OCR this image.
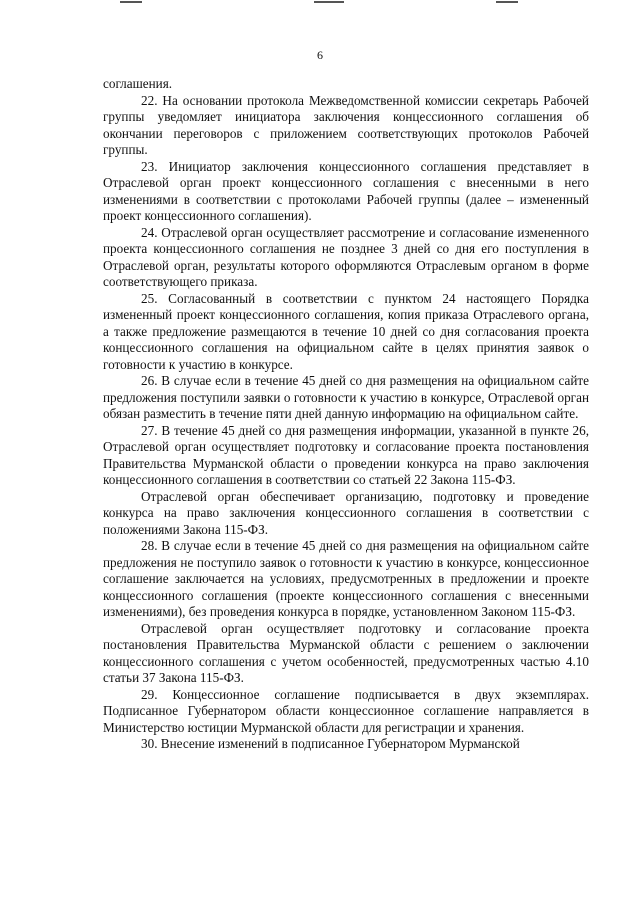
6

соглашения.

22. На основании протокола Межведомственной комиссии секретарь Рабочей группы уведомляет инициатора заключения концессионного соглашения об окончании переговоров с приложением соответствующих протоколов Рабочей группы.

23. Инициатор заключения концессионного соглашения представляет в Отраслевой орган проект концессионного соглашения с внесенными в него изменениями в соответствии с протоколами Рабочей группы (далее – измененный проект концессионного соглашения).

24. Отраслевой орган осуществляет рассмотрение и согласование измененного проекта концессионного соглашения не позднее 3 дней со дня его поступления в Отраслевой орган, результаты которого оформляются Отраслевым органом в форме соответствующего приказа.

25. Согласованный в соответствии с пунктом 24 настоящего Порядка измененный проект концессионного соглашения, копия приказа Отраслевого органа, а также предложение размещаются в течение 10 дней со дня согласования проекта концессионного соглашения на официальном сайте в целях принятия заявок о готовности к участию в конкурсе.

26. В случае если в течение 45 дней со дня размещения на официальном сайте предложения поступили заявки о готовности к участию в конкурсе, Отраслевой орган обязан разместить в течение пяти дней данную информацию на официальном сайте.

27. В течение 45 дней со дня размещения информации, указанной в пункте 26, Отраслевой орган осуществляет подготовку и согласование проекта постановления Правительства Мурманской области о проведении конкурса на право заключения концессионного соглашения в соответствии со статьей 22 Закона 115-ФЗ.

Отраслевой орган обеспечивает организацию, подготовку и проведение конкурса на право заключения концессионного соглашения в соответствии с положениями Закона 115-ФЗ.

28. В случае если в течение 45 дней со дня размещения на официальном сайте предложения не поступило заявок о готовности к участию в конкурсе, концессионное соглашение заключается на условиях, предусмотренных в предложении и проекте концессионного соглашения (проекте концессионного соглашения с внесенными изменениями), без проведения конкурса в порядке, установленном Законом 115-ФЗ.

Отраслевой орган осуществляет подготовку и согласование проекта постановления Правительства Мурманской области с решением о заключении концессионного соглашения с учетом особенностей, предусмотренных частью 4.10 статьи 37 Закона 115-ФЗ.

29. Концессионное соглашение подписывается в двух экземплярах. Подписанное Губернатором области концессионное соглашение направляется в Министерство юстиции Мурманской области для регистрации и хранения.

30. Внесение изменений в подписанное Губернатором Мурманской
